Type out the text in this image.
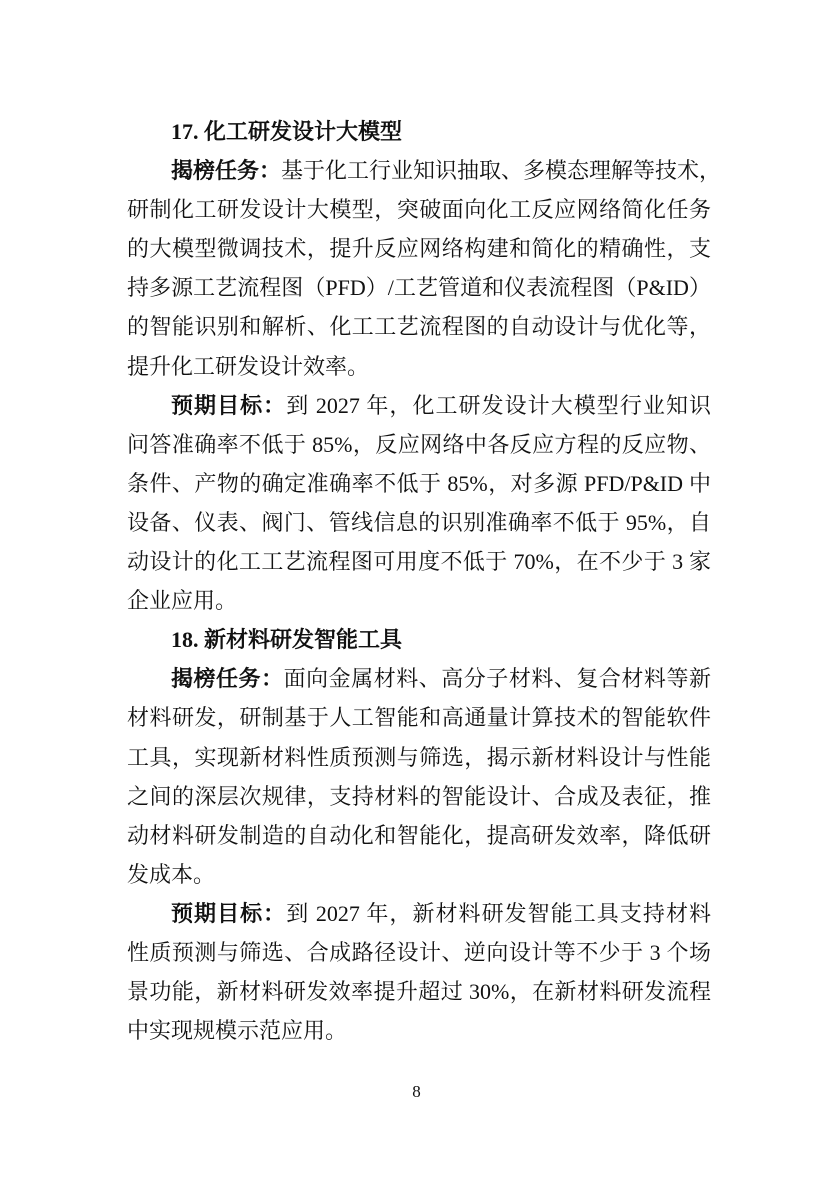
17. 化工研发设计大模型
揭榜任务：基于化工行业知识抽取、多模态理解等技术，
研制化工研发设计大模型，突破面向化工反应网络简化任务
的大模型微调技术，提升反应网络构建和简化的精确性，支
持多源工艺流程图（PFD）/工艺管道和仪表流程图（P&ID）
的智能识别和解析、化工工艺流程图的自动设计与优化等，
提升化工研发设计效率。
预期目标：到 2027 年，化工研发设计大模型行业知识
问答准确率不低于 85%，反应网络中各反应方程的反应物、
条件、产物的确定准确率不低于 85%，对多源 PFD/P&ID 中
设备、仪表、阀门、管线信息的识别准确率不低于 95%，自
动设计的化工工艺流程图可用度不低于 70%，在不少于 3 家
企业应用。
18. 新材料研发智能工具
揭榜任务：面向金属材料、高分子材料、复合材料等新
材料研发，研制基于人工智能和高通量计算技术的智能软件
工具，实现新材料性质预测与筛选，揭示新材料设计与性能
之间的深层次规律，支持材料的智能设计、合成及表征，推
动材料研发制造的自动化和智能化，提高研发效率，降低研
发成本。
预期目标：到 2027 年，新材料研发智能工具支持材料
性质预测与筛选、合成路径设计、逆向设计等不少于 3 个场
景功能，新材料研发效率提升超过 30%，在新材料研发流程
中实现规模示范应用。
8
